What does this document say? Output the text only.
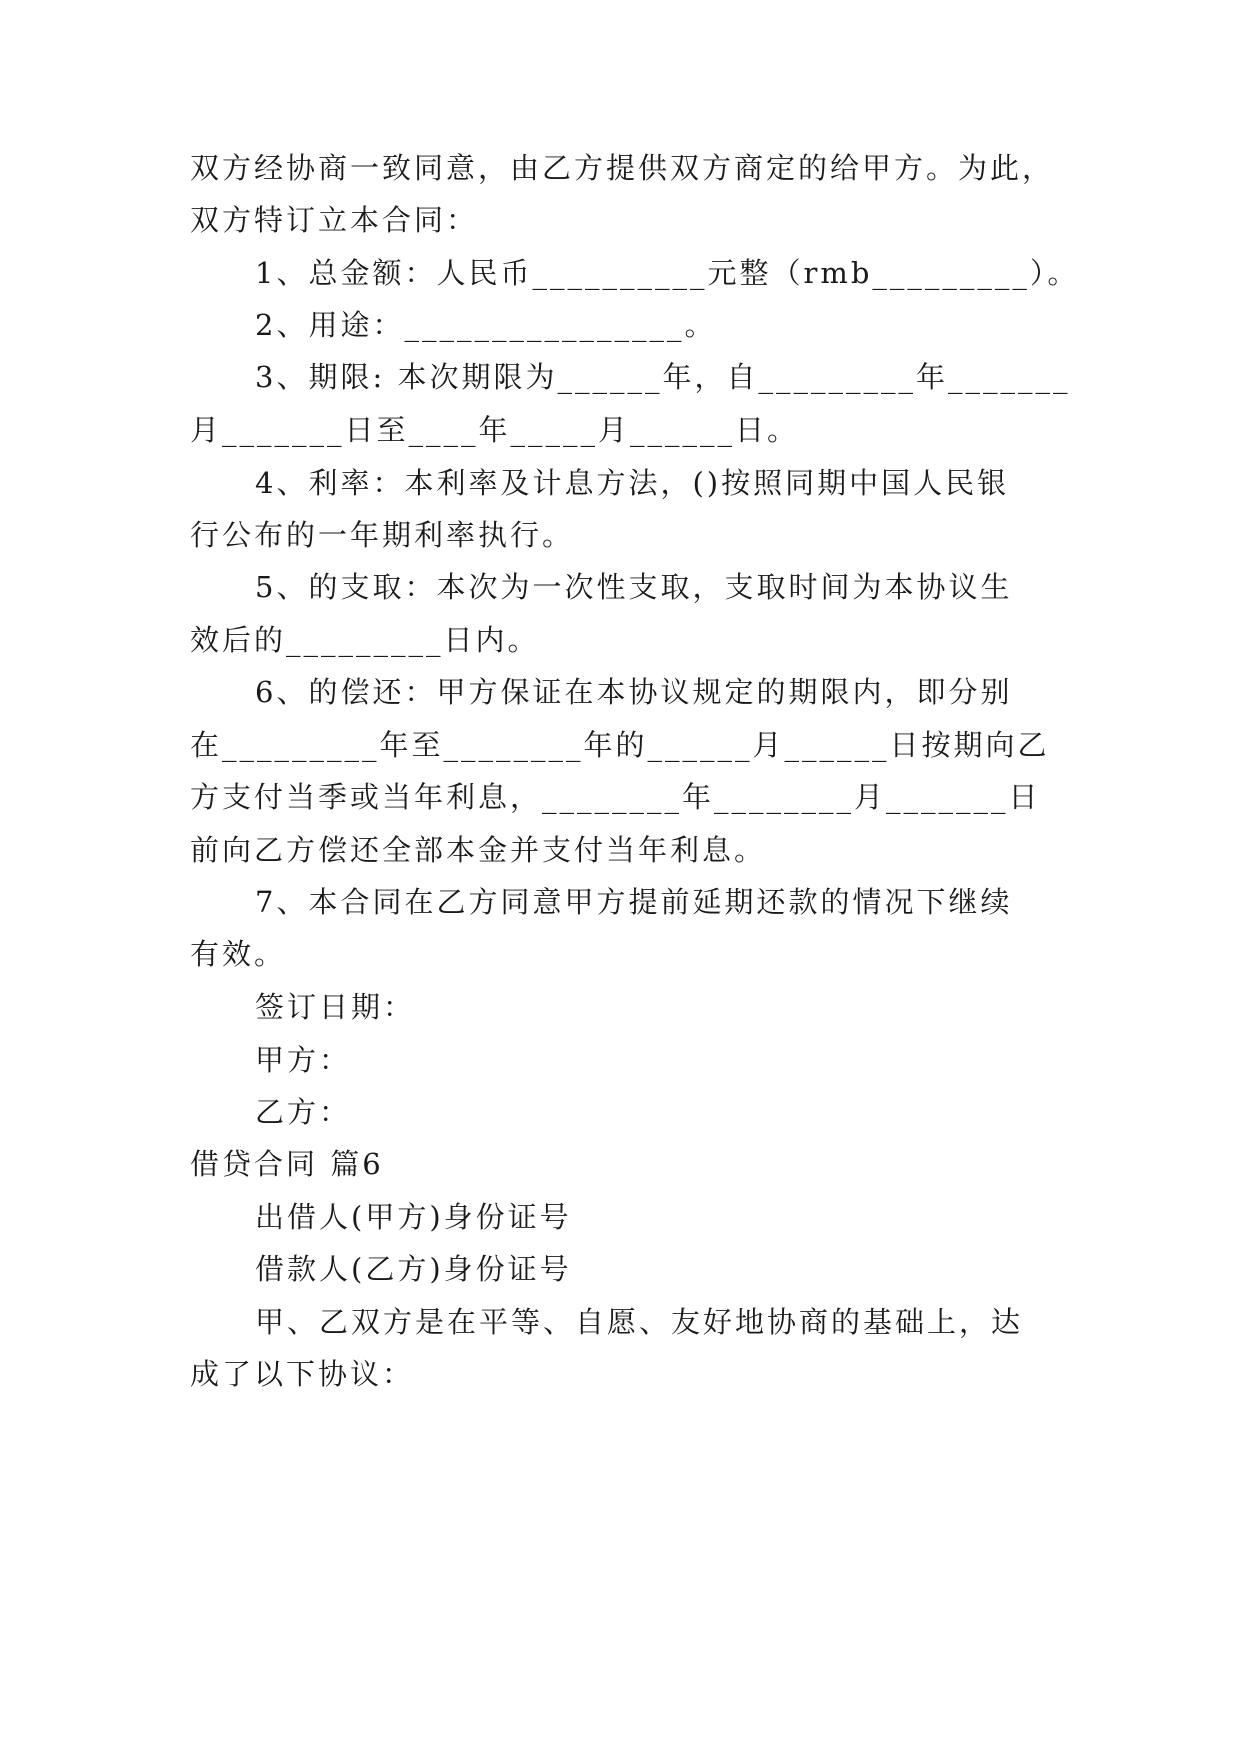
双方经协商一致同意，由乙方提供双方商定的给甲方。为此，
双方特订立本合同：
1、总金额：人民币__________元整（rmb_________）。
2、用途：________________。
3、期限: 本次期限为______年，自_________年_______
月_______日至____年_____月______日。
4、利率：本利率及计息方法，()按照同期中国人民银
行公布的一年期利率执行。
5、的支取：本次为一次性支取，支取时间为本协议生
效后的_________日内。
6、的偿还：甲方保证在本协议规定的期限内，即分别
在_________年至________年的______月______日按期向乙
方支付当季或当年利息，________年________月_______日
前向乙方偿还全部本金并支付当年利息。
7、本合同在乙方同意甲方提前延期还款的情况下继续
有效。
签订日期：
甲方：
乙方：
借贷合同 篇6
出借人(甲方)身份证号
借款人(乙方)身份证号
甲、乙双方是在平等、自愿、友好地协商的基础上，达
成了以下协议：
